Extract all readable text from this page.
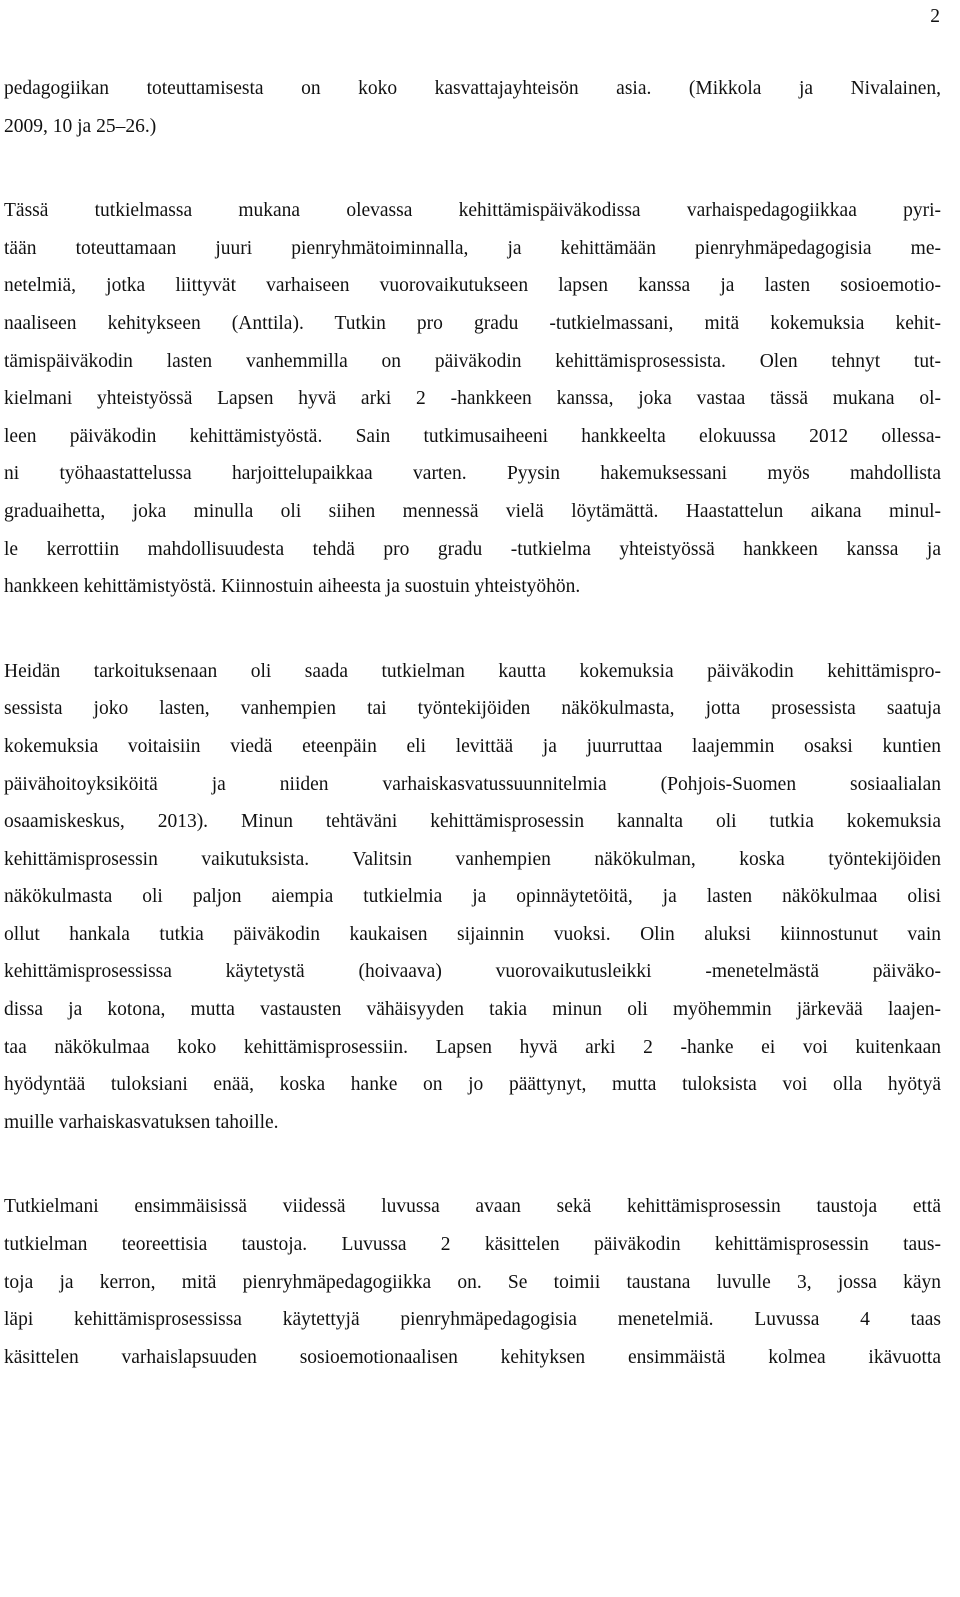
2
pedagogiikan toteuttamisesta on koko kasvattajayhteisön asia. (Mikkola ja Nivalainen,
2009, 10 ja 25–26.)
Tässä tutkielmassa mukana olevassa kehittämispäiväkodissa varhaispedagogiikkaa pyri-
tään toteuttamaan juuri pienryhmätoiminnalla, ja kehittämään pienryhmäpedagogisia me-
netelmiä, jotka liittyvät varhaiseen vuorovaikutukseen lapsen kanssa ja lasten sosioemotio-
naaliseen kehitykseen (Anttila). Tutkin pro gradu -tutkielmassani, mitä kokemuksia kehit-
tämispäiväkodin lasten vanhemmilla on päiväkodin kehittämisprosessista. Olen tehnyt tut-
kielmani yhteistyössä Lapsen hyvä arki 2 -hankkeen kanssa, joka vastaa tässä mukana ol-
leen päiväkodin kehittämistyöstä. Sain tutkimusaiheeni hankkeelta elokuussa 2012 ollessa-
ni työhaastattelussa harjoittelupaikkaa varten. Pyysin hakemuksessani myös mahdollista
graduaihetta, joka minulla oli siihen mennessä vielä löytämättä. Haastattelun aikana minul-
le kerrottiin mahdollisuudesta tehdä pro gradu -tutkielma yhteistyössä hankkeen kanssa ja
hankkeen kehittämistyöstä. Kiinnostuin aiheesta ja suostuin yhteistyöhön.
Heidän tarkoituksenaan oli saada tutkielman kautta kokemuksia päiväkodin kehittämispro-
sessista joko lasten, vanhempien tai työntekijöiden näkökulmasta, jotta prosessista saatuja
kokemuksia voitaisiin viedä eteenpäin eli levittää ja juurruttaa laajemmin osaksi kuntien
päivähoitoyksiköitä ja niiden varhaiskasvatussuunnitelmia (Pohjois-Suomen sosiaalialan
osaamiskeskus, 2013). Minun tehtäväni kehittämisprosessin kannalta oli tutkia kokemuksia
kehittämisprosessin vaikutuksista. Valitsin vanhempien näkökulman, koska työntekijöiden
näkökulmasta oli paljon aiempia tutkielmia ja opinnäytetöitä, ja lasten näkökulmaa olisi
ollut hankala tutkia päiväkodin kaukaisen sijainnin vuoksi. Olin aluksi kiinnostunut vain
kehittämisprosessissa käytetystä (hoivaava) vuorovaikutusleikki -menetelmästä päiväko-
dissa ja kotona, mutta vastausten vähäisyyden takia minun oli myöhemmin järkevää laajen-
taa näkökulmaa koko kehittämisprosessiin. Lapsen hyvä arki 2 -hanke ei voi kuitenkaan
hyödyntää tuloksiani enää, koska hanke on jo päättynyt, mutta tuloksista voi olla hyötyä
muille varhaiskasvatuksen tahoille.
Tutkielmani ensimmäisissä viidessä luvussa avaan sekä kehittämisprosessin taustoja että
tutkielman teoreettisia taustoja. Luvussa 2 käsittelen päiväkodin kehittämisprosessin taus-
toja ja kerron, mitä pienryhmäpedagogiikka on. Se toimii taustana luvulle 3, jossa käyn
läpi kehittämisprosessissa käytettyjä pienryhmäpedagogisia menetelmiä. Luvussa 4 taas
käsittelen varhaislapsuuden sosioemotionaalisen kehityksen ensimmäistä kolmea ikävuotta
